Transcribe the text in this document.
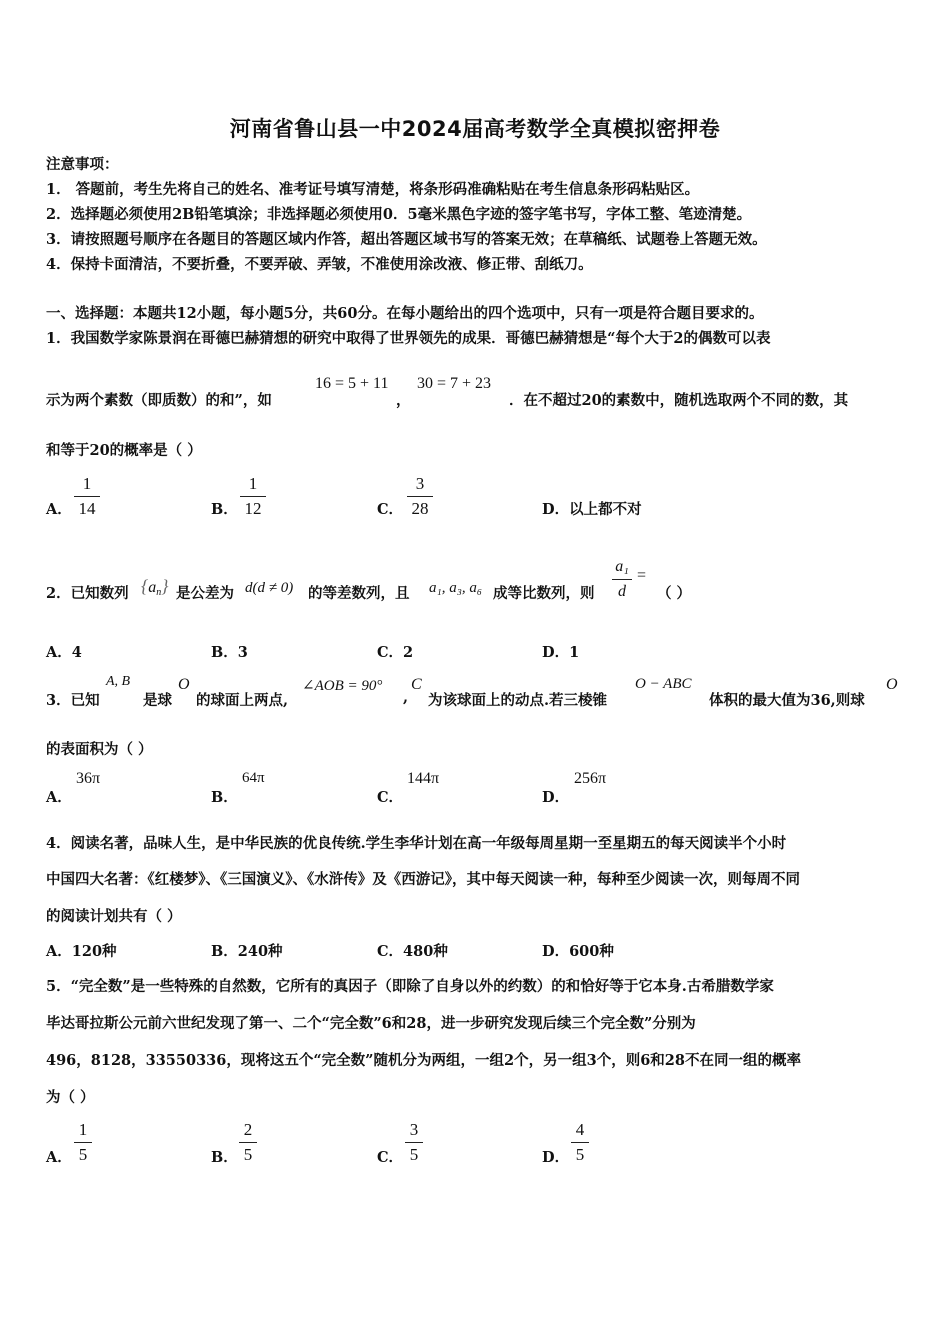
河南省鲁山县一中2024届高考数学全真模拟密押卷
注意事项：
1． 答题前，考生先将自己的姓名、准考证号填写清楚，将条形码准确粘贴在考生信息条形码粘贴区。
2．选择题必须使用2B铅笔填涂；非选择题必须使用0．5毫米黑色字迹的签字笔书写，字体工整、笔迹清楚。
3．请按照题号顺序在各题目的答题区域内作答，超出答题区域书写的答案无效；在草稿纸、试题卷上答题无效。
4．保持卡面清洁，不要折叠，不要弄破、弄皱，不准使用涂改液、修正带、刮纸刀。
一、选择题：本题共12小题，每小题5分，共60分。在每小题给出的四个选项中，只有一项是符合题目要求的。
1．我国数学家陈景润在哥德巴赫猜想的研究中取得了世界领先的成果．哥德巴赫猜想是“每个大于2的偶数可以表
示为两个素数（即质数）的和”，如
16 = 5 + 11
，
30 = 7 + 23
．在不超过20的素数中，随机选取两个不同的数，其
和等于20的概率是（ ）
A．
1
14	B．
1
12	C．
3
28	D．以上都不对
2．已知数列 $\{a_n\}$ 是公差为 d(d ≠ 0) 的等差数列，且 a₁, a₃, a₆ 成等比数列，则
a₁
d
=
（ ）
A．4	B．3	C．2	D．1
3．已知
A, B
是球
O
的球面上两点,
∠AOB = 90°
,
C
为该球面上的动点.若三棱锥
O − ABC
体积的最大值为36,则球
O
的表面积为（ ）
A．
36π
B．
64π
C．
144π
D．
256π
4．阅读名著，品味人生，是中华民族的优良传统.学生李华计划在高一年级每周星期一至星期五的每天阅读半个小时
中国四大名著：《红楼梦》、《三国演义》、《水浒传》及《西游记》，其中每天阅读一种，每种至少阅读一次，则每周不同
的阅读计划共有（ ）
A．120种	B．240种	C．480种	D．600种
5．“完全数”是一些特殊的自然数，它所有的真因子（即除了自身以外的约数）的和恰好等于它本身.古希腊数学家
毕达哥拉斯公元前六世纪发现了第一、二个“完全数”6和28，进一步研究发现后续三个完全数”分别为
496，8128，33550336，现将这五个“完全数”随机分为两组，一组2个，另一组3个，则6和28不在同一组的概率
为（ ）
A．
1
5	B．
2
5	C．
3
5	D．
4
5
